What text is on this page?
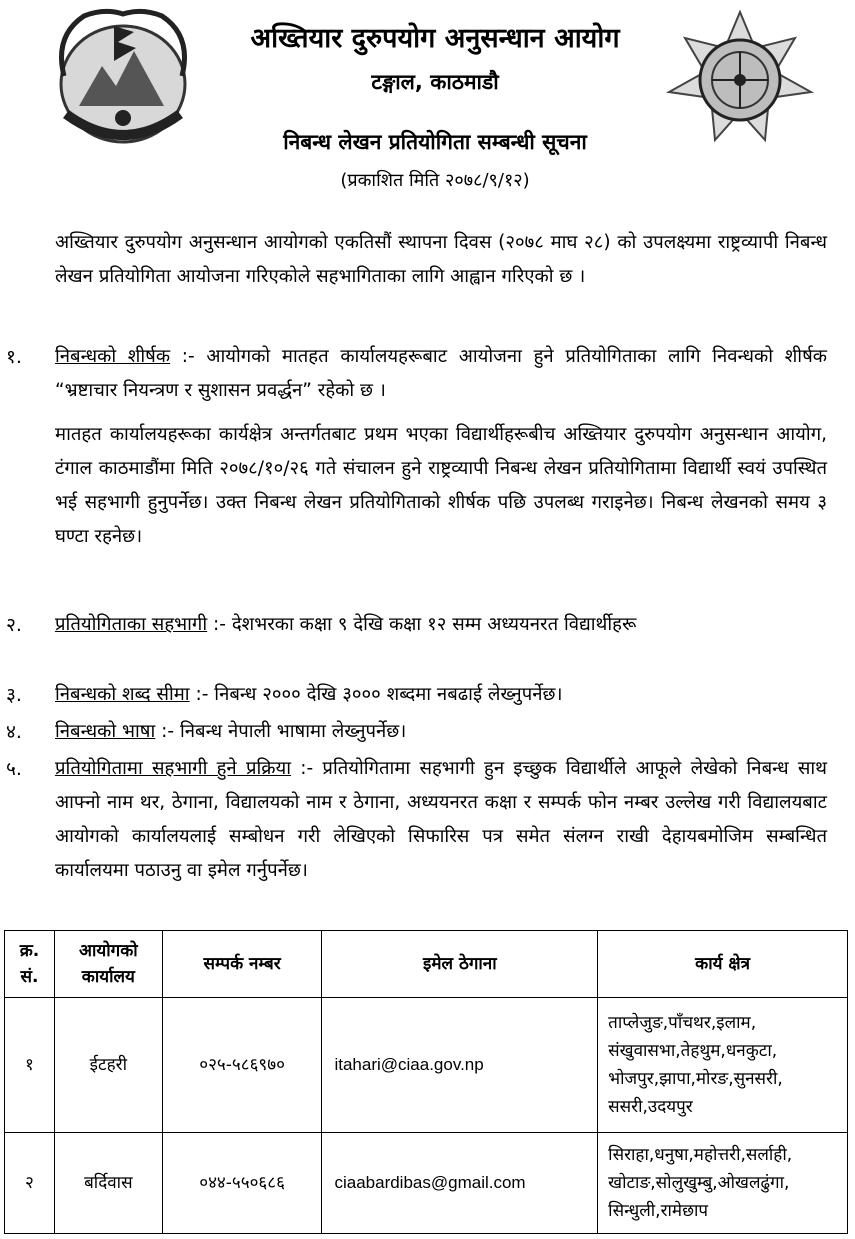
अख्तियार दुरुपयोग अनुसन्धान आयोग
टङ्गाल, काठमाडौ
निबन्ध लेखन प्रतियोगिता सम्बन्धी सूचना
(प्रकाशित मिति २०७८/९/१२)
अख्तियार दुरुपयोग अनुसन्धान आयोगको एकतिसौं स्थापना दिवस (२०७८ माघ २८) को उपलक्ष्यमा राष्ट्रव्यापी निबन्ध लेखन प्रतियोगिता आयोजना गरिएकोले सहभागिताका लागि आह्वान गरिएको छ ।
१. निबन्धको शीर्षक :- आयोगको मातहत कार्यालयहरूबाट आयोजना हुने प्रतियोगिताका लागि निवन्धको शीर्षक “भ्रष्टाचार नियन्त्रण र सुशासन प्रवर्द्धन” रहेको छ ।
मातहत कार्यालयहरूका कार्यक्षेत्र अन्तर्गतबाट प्रथम भएका विद्यार्थीहरूबीच अख्तियार दुरुपयोग अनुसन्धान आयोग, टंगाल काठमाडौंमा मिति २०७८/१०/२६ गते संचालन हुने राष्ट्रव्यापी निबन्ध लेखन प्रतियोगितामा विद्यार्थी स्वयं उपस्थित भई सहभागी हुनुपर्नेछ। उक्त निबन्ध लेखन प्रतियोगिताको शीर्षक पछि उपलब्ध गराइनेछ। निबन्ध लेखनको समय ३ घण्टा रहनेछ।
२. प्रतियोगिताका सहभागी :- देशभरका कक्षा ९ देखि कक्षा १२ सम्म अध्ययनरत विद्यार्थीहरू
३. निबन्धको शब्द सीमा :- निबन्ध २००० देखि ३००० शब्दमा नबढाई लेख्नुपर्नेछ।
४. निबन्धको भाषा :- निबन्ध नेपाली भाषामा लेख्नुपर्नेछ।
५. प्रतियोगितामा सहभागी हुने प्रक्रिया :- प्रतियोगितामा सहभागी हुन इच्छुक विद्यार्थीले आफूले लेखेको निबन्ध साथ आफ्नो नाम थर, ठेगाना, विद्यालयको नाम र ठेगाना, अध्ययनरत कक्षा र सम्पर्क फोन नम्बर उल्लेख गरी विद्यालयबाट आयोगको कार्यालयलाई सम्बोधन गरी लेखिएको सिफारिस पत्र समेत संलग्न राखी देहायबमोजिम सम्बन्धित कार्यालयमा पठाउनु वा इमेल गर्नुपर्नेछ।
क्र. सं.	आयोगको कार्यालय	सम्पर्क नम्बर	इमेल ठेगाना	कार्य क्षेत्र
१	ईटहरी	०२५-५८६९७०	itahari@ciaa.gov.np	ताप्लेजुङ,पाँचथर,इलाम, संखुवासभा,तेहथुम,धनकुटा, भोजपुर,झापा,मोरङ,सुनसरी, ससरी,उदयपुर
२	बर्दिवास	०४४-५५०६८६	ciaabardibas@gmail.com	सिराहा,धनुषा,महोत्तरी,सर्लाही, खोटाङ,सोलुखुम्बु,ओखलढुंगा, सिन्धुली,रामेछाप
